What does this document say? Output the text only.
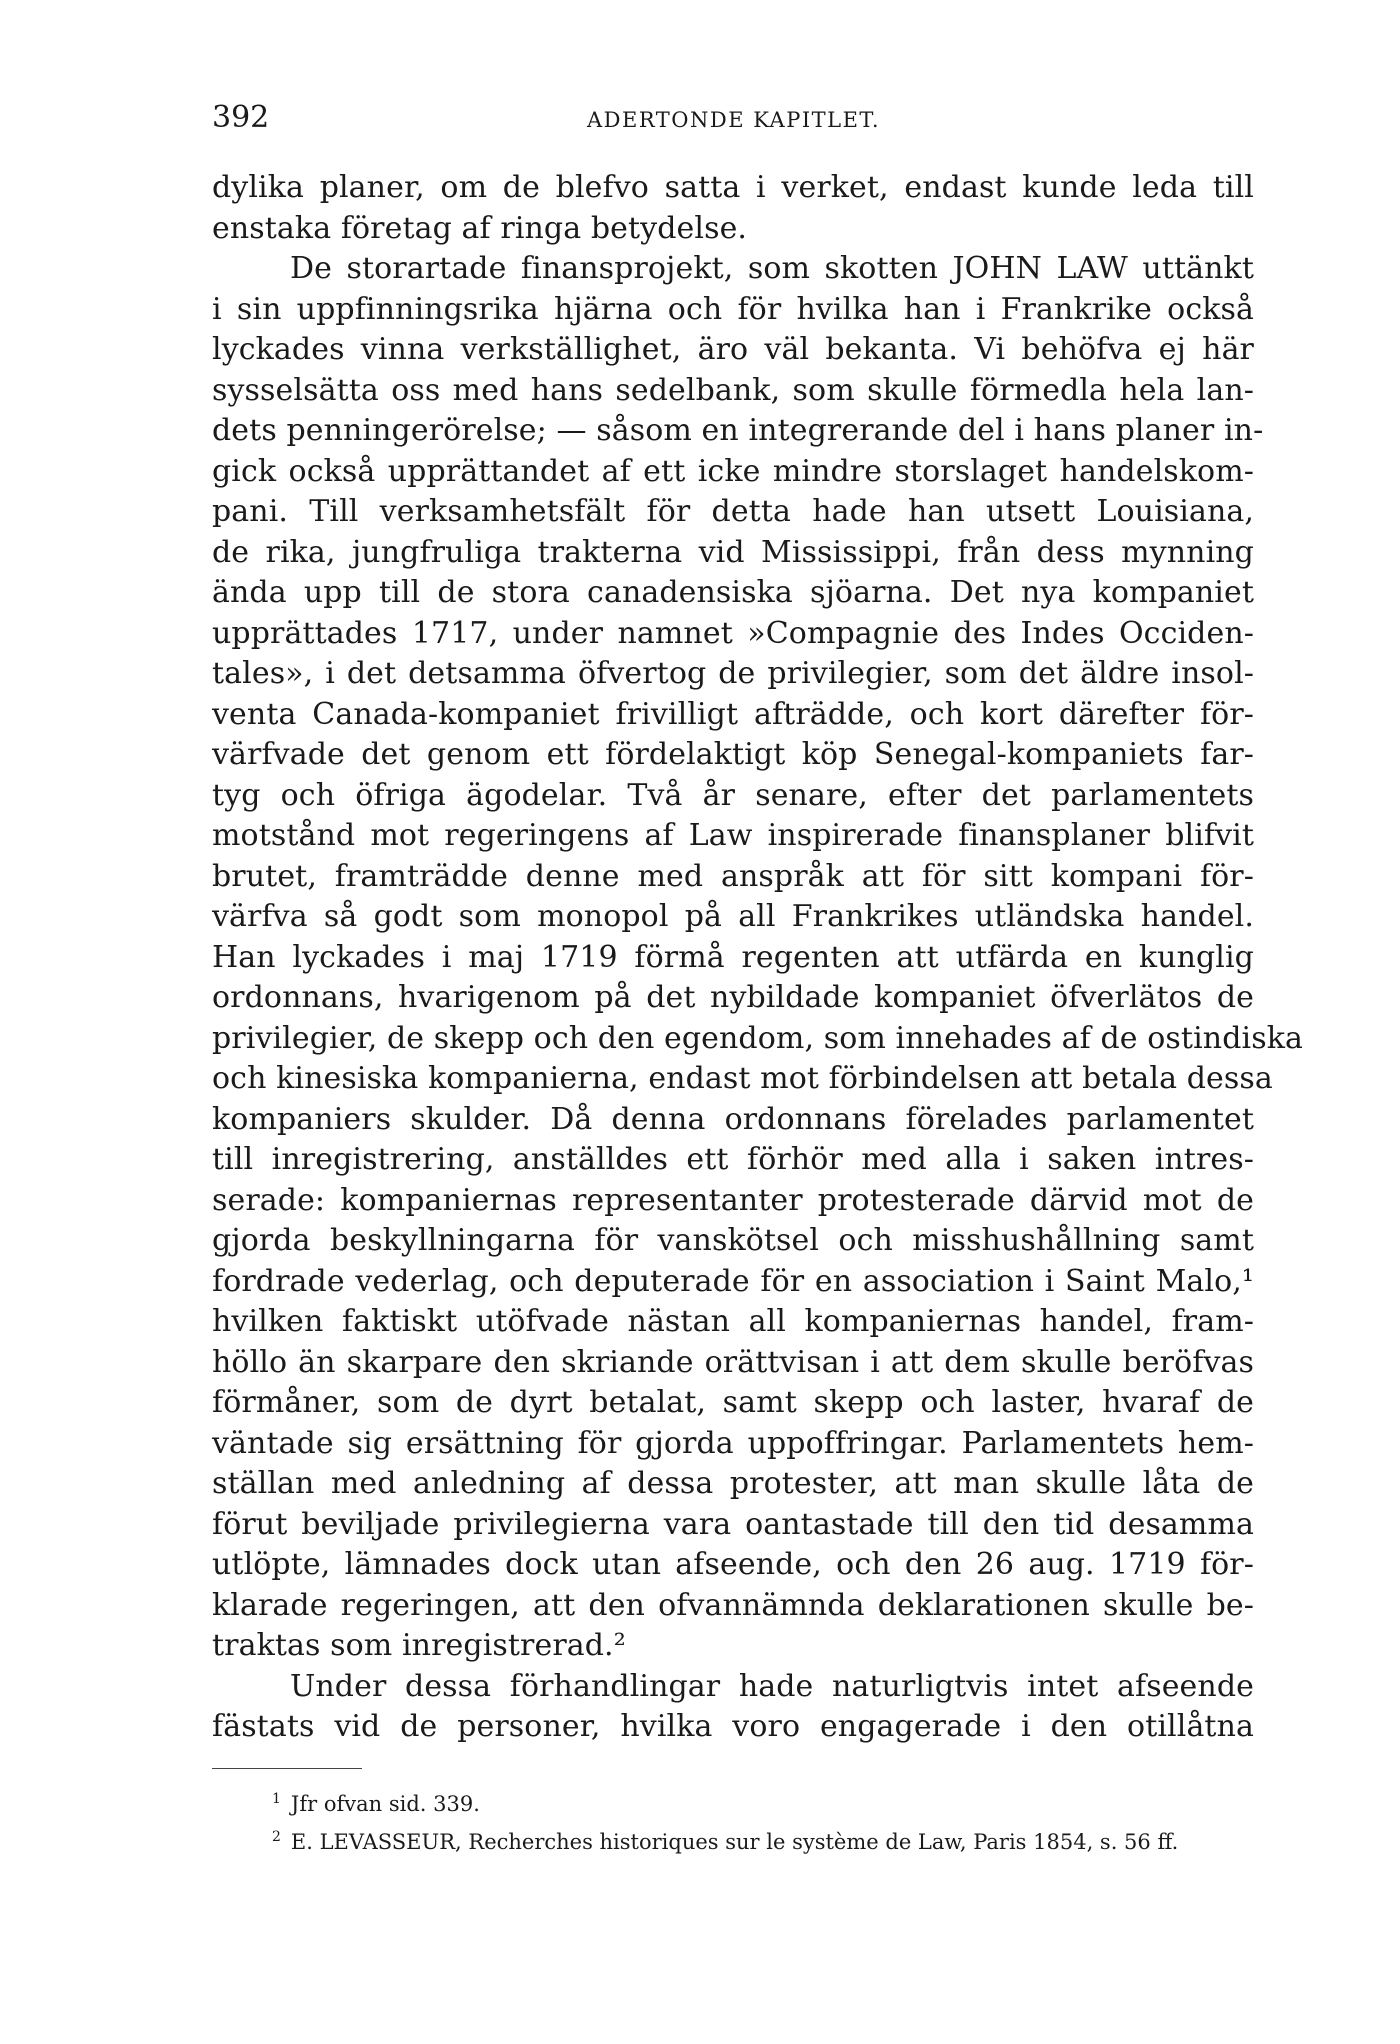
392	ADERTONDE KAPITLET.
dylika planer, om de blefvo satta i verket, endast kunde leda till
enstaka företag af ringa betydelse.
De storartade finansprojekt, som skotten JOHN LAW uttänkt
i sin uppfinningsrika hjärna och för hvilka han i Frankrike också
lyckades vinna verkställighet, äro väl bekanta. Vi behöfva ej här
sysselsätta oss med hans sedelbank, som skulle förmedla hela lan-
dets penningerörelse; — såsom en integrerande del i hans planer in-
gick också upprättandet af ett icke mindre storslaget handelskom-
pani. Till verksamhetsfält för detta hade han utsett Louisiana,
de rika, jungfruliga trakterna vid Mississippi, från dess mynning
ända upp till de stora canadensiska sjöarna. Det nya kompaniet
upprättades 1717, under namnet »Compagnie des Indes Occiden-
tales», i det detsamma öfvertog de privilegier, som det äldre insol-
venta Canada-kompaniet frivilligt afträdde, och kort därefter för-
värfvade det genom ett fördelaktigt köp Senegal-kompaniets far-
tyg och öfriga ägodelar. Två år senare, efter det parlamentets
motstånd mot regeringens af Law inspirerade finansplaner blifvit
brutet, framträdde denne med anspråk att för sitt kompani för-
värfva så godt som monopol på all Frankrikes utländska handel.
Han lyckades i maj 1719 förmå regenten att utfärda en kunglig
ordonnans, hvarigenom på det nybildade kompaniet öfverlätos de
privilegier, de skepp och den egendom, som innehades af de ostindiska
och kinesiska kompanierna, endast mot förbindelsen att betala dessa
kompaniers skulder. Då denna ordonnans förelades parlamentet
till inregistrering, anställdes ett förhör med alla i saken intres-
serade: kompaniernas representanter protesterade därvid mot de
gjorda beskyllningarna för vanskötsel och misshushållning samt
fordrade vederlag, och deputerade för en association i Saint Malo,¹
hvilken faktiskt utöfvade nästan all kompaniernas handel, fram-
höllo än skarpare den skriande orättvisan i att dem skulle beröfvas
förmåner, som de dyrt betalat, samt skepp och laster, hvaraf de
väntade sig ersättning för gjorda uppoffringar. Parlamentets hem-
ställan med anledning af dessa protester, att man skulle låta de
förut beviljade privilegierna vara oantastade till den tid desamma
utlöpte, lämnades dock utan afseende, och den 26 aug. 1719 för-
klarade regeringen, att den ofvannämnda deklarationen skulle be-
traktas som inregistrerad.²
Under dessa förhandlingar hade naturligtvis intet afseende
fästats vid de personer, hvilka voro engagerade i den otillåtna
$^1$ Jfr ofvan sid. 339.
$^2$ E. LEVASSEUR, Recherches historiques sur le système de Law, Paris 1854, s. 56 ff.
